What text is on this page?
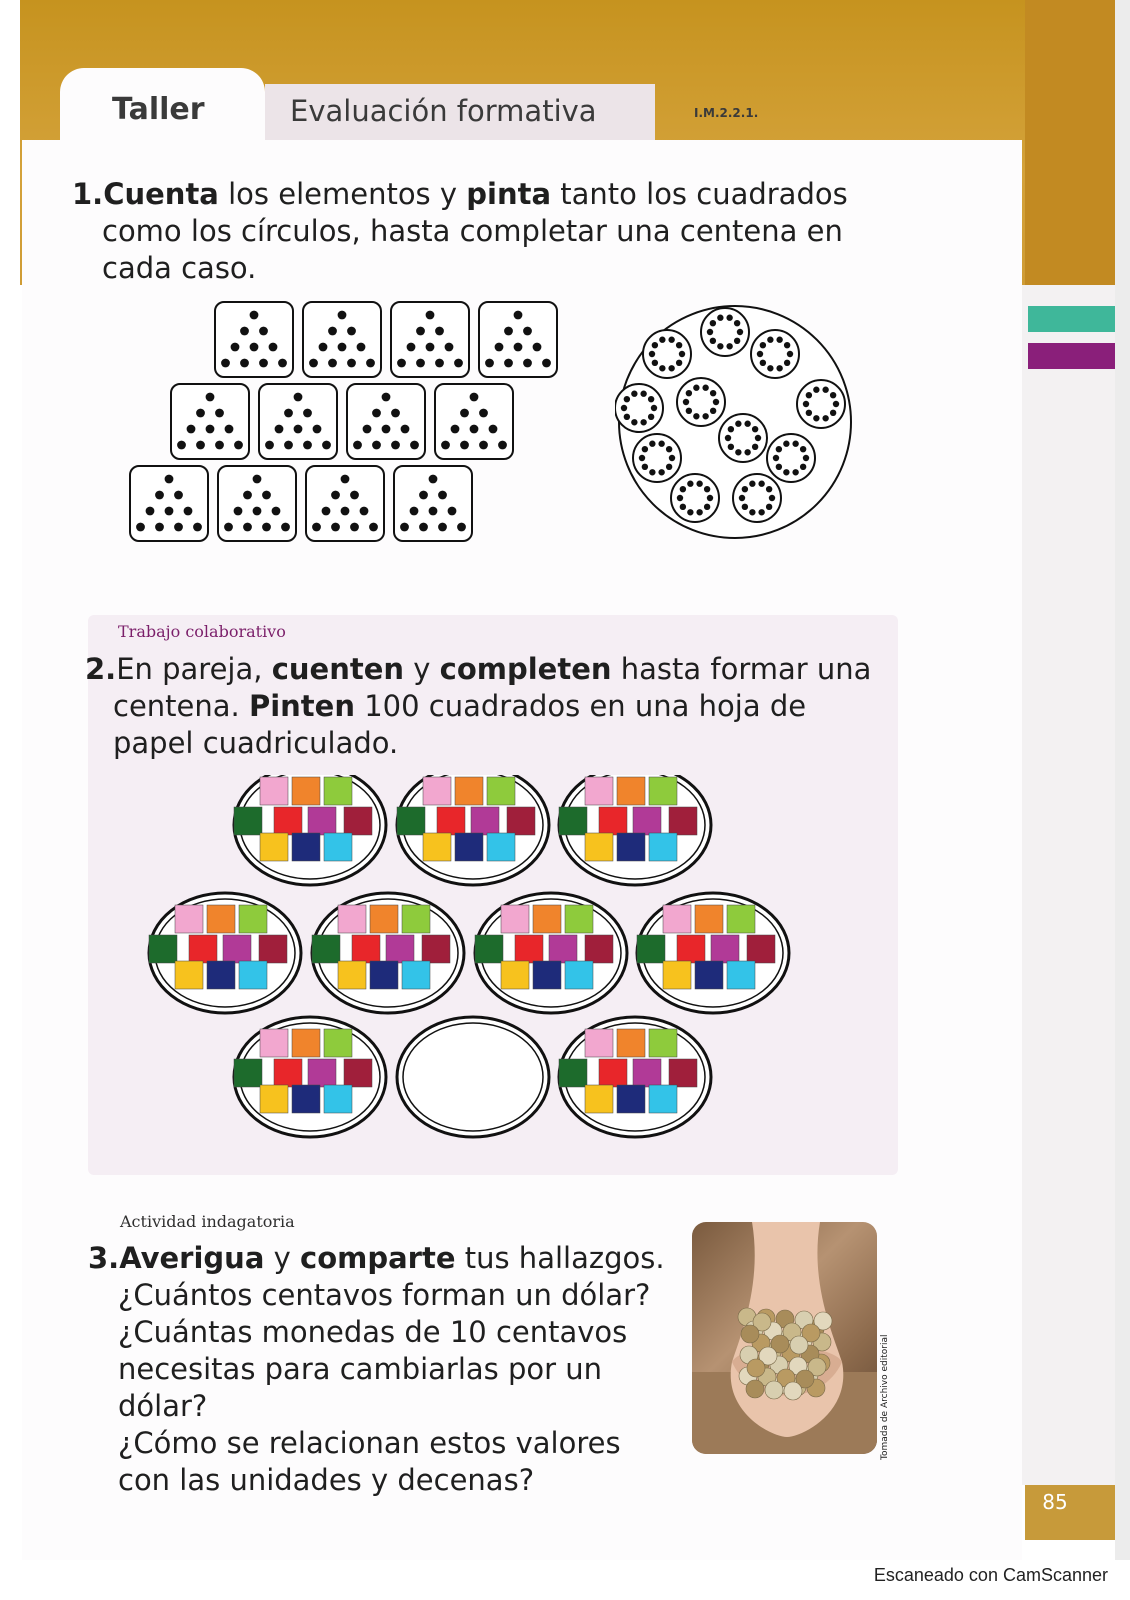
Taller	Evaluación formativa	I.M.2.2.1.
1.Cuenta los elementos y pinta tanto los cuadrados
como los círculos, hasta completar una centena en
cada caso.
Trabajo colaborativo
2.En pareja, cuenten y completen hasta formar una
centena. Pinten 100 cuadrados en una hoja de
papel cuadriculado.
Actividad indagatoria
3.Averigua y comparte tus hallazgos.
¿Cuántos centavos forman un dólar?
¿Cuántas monedas de 10 centavos
necesitas para cambiarlas por un
dólar?
¿Cómo se relacionan estos valores
con las unidades y decenas?
Tomada de Archivo editorial
85
Escaneado con CamScanner
